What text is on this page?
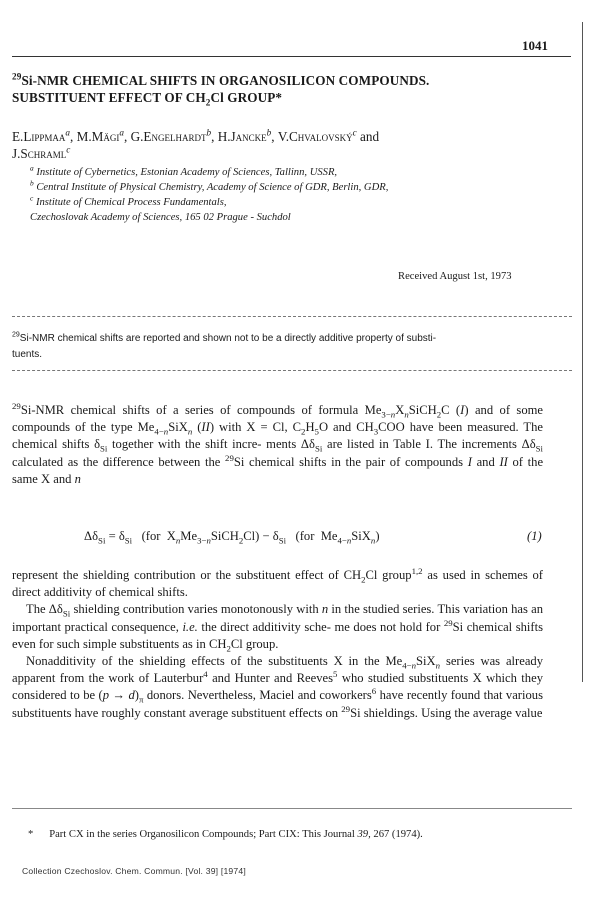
1041
$^{29}$Si-NMR CHEMICAL SHIFTS IN ORGANOSILICON COMPOUNDS.
SUBSTITUENT EFFECT OF $CH_2Cl$ GROUP*
E.Lippmaa$^a$, M.Mägi$^a$, G.Engelhardt$^b$, H.Jancke$^b$, V.Chvalovský$^c$ and
J.Schraml$^c$
$^a$ Institute of Cybernetics, Estonian Academy of Sciences, Tallinn, USSR,
$^b$ Central Institute of Physical Chemistry, Academy of Science of GDR, Berlin, GDR,
$^c$ Institute of Chemical Process Fundamentals,
Czechoslovak Academy of Sciences, 165 02 Prague - Suchdol
Received August 1st, 1973
$^{29}$Si-NMR chemical shifts are reported and shown not to be a directly additive property of substi-
tuents.

$^{29}$Si-NMR chemical shifts of a series of compounds of formula $Me_{3-n}X_nSiCH_2C$ (I) and of some compounds of the type $Me_{4-n}SiX_n$ (II) with X = Cl, $C_2H_5O$ and $CH_3COO$ have been measured. The chemical shifts $\delta_{Si}$ together with the shift incre- ments $\Delta\delta_{Si}$ are listed in Table I. The increments $\Delta\delta_{Si}$ calculated as the difference between the $^{29}$Si chemical shifts in the pair of compounds I and II of the same X and n

$\Delta\delta_{Si} = \delta_{Si}$ (for $X_nMe_{3-n}SiCH_2Cl) - \delta_{Si}$ (for $Me_{4-n}SiX_n$)	(1)

represent the shielding contribution or the substituent effect of $CH_2Cl$ group$^{1,2}$ as used in schemes of direct additivity of chemical shifts.

The $\Delta\delta_{Si}$ shielding contribution varies monotonously with n in the studied series. This variation has an important practical consequence, i.e. the direct additivity sche- me does not hold for $^{29}$Si chemical shifts even for such simple substituents as in $CH_2Cl$ group.

Nonadditivity of the shielding effects of the substituents X in the $Me_{4-n}SiX_n$ series was already apparent from the work of Lauterbur$^4$ and Hunter and Reeves$^5$ who studied substituents X which they considered to be $(p \to d)_\pi$ donors. Nevertheless, Maciel and coworkers$^6$ have recently found that various substituents have roughly constant average substituent effects on $^{29}$Si shieldings. Using the average value

* Part CX in the series Organosilicon Compounds; Part CIX: This Journal 39, 267 (1974).
Collection Czechoslov. Chem. Commun. [Vol. 39] [1974]
